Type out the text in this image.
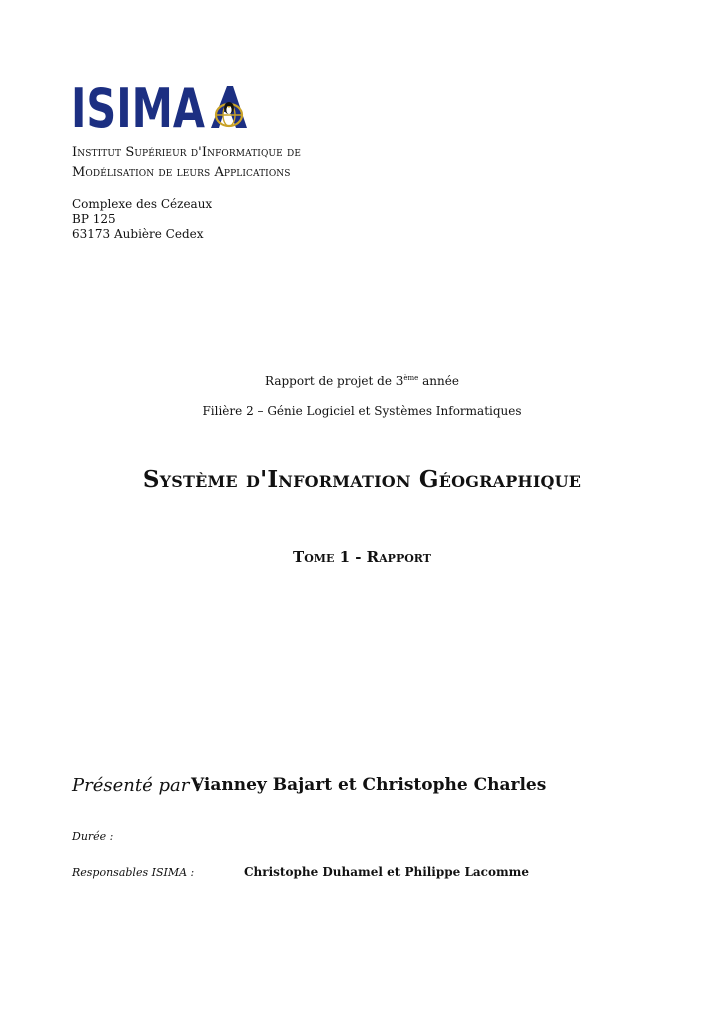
ISIMA
Institut Supérieur d'Informatique de
Modélisation de leurs Applications
Complexe des Cézeaux
BP 125
63173 Aubière Cedex
Rapport de projet de 3ème année
Filière 2 – Génie Logiciel et Systèmes Informatiques
Système d'Information Géographique
Tome 1 - Rapport
Présenté par :
Vianney Bajart et Christophe Charles
Durée :
Responsables ISIMA :	Christophe Duhamel et Philippe Lacomme
